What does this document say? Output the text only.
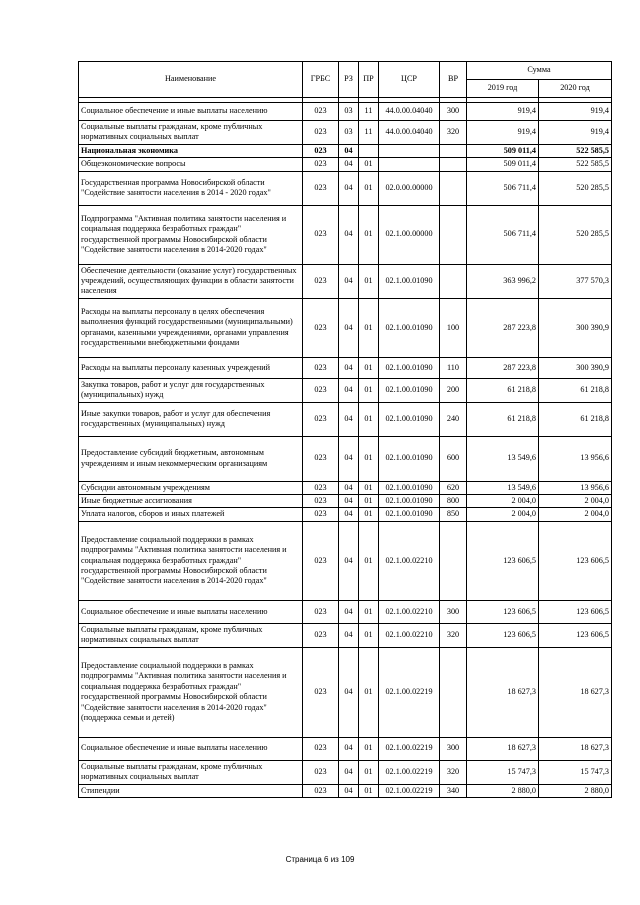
Наименование	ГРБС	РЗ	ПР	ЦСР	ВР	Сумма	
						2019 год	2020 год

Социальное обеспечение и иные выплаты населению	023	03	11	44.0.00.04040	300	919,4	919,4
Социальные выплаты гражданам, кроме публичных нормативных социальных выплат	023	03	11	44.0.00.04040	320	919,4	919,4
Национальная экономика	023	04				509 011,4	522 585,5
Общеэкономические вопросы	023	04	01			509 011,4	522 585,5
Государственная программа Новосибирской области "Содействие занятости населения в 2014 - 2020 годах"	023	04	01	02.0.00.00000		506 711,4	520 285,5
Подпрограмма "Активная политика занятости населения и социальная поддержка безработных граждан" государственной программы Новосибирской области "Содействие занятости населения в 2014-2020 годах"	023	04	01	02.1.00.00000		506 711,4	520 285,5
Обеспечение деятельности (оказание услуг) государственных учреждений, осуществляющих функции в области занятости населения	023	04	01	02.1.00.01090		363 996,2	377 570,3
Расходы на выплаты персоналу в целях обеспечения выполнения функций государственными (муниципальными) органами, казенными учреждениями, органами управления государственными внебюджетными фондами	023	04	01	02.1.00.01090	100	287 223,8	300 390,9
Расходы на выплаты персоналу казенных учреждений	023	04	01	02.1.00.01090	110	287 223,8	300 390,9
Закупка товаров, работ и услуг для государственных (муниципальных) нужд	023	04	01	02.1.00.01090	200	61 218,8	61 218,8
Иные закупки товаров, работ и услуг для обеспечения государственных (муниципальных) нужд	023	04	01	02.1.00.01090	240	61 218,8	61 218,8
Предоставление субсидий бюджетным, автономным учреждениям и иным некоммерческим организациям	023	04	01	02.1.00.01090	600	13 549,6	13 956,6
Субсидии автономным учреждениям	023	04	01	02.1.00.01090	620	13 549,6	13 956,6
Иные бюджетные ассигнования	023	04	01	02.1.00.01090	800	2 004,0	2 004,0
Уплата налогов, сборов и иных платежей	023	04	01	02.1.00.01090	850	2 004,0	2 004,0
Предоставление социальной поддержки в рамках подпрограммы "Активная политика занятости населения и социальная поддержка безработных граждан" государственной программы Новосибирской области "Содействие занятости населения в 2014-2020 годах"	023	04	01	02.1.00.02210		123 606,5	123 606,5
Социальное обеспечение и иные выплаты населению	023	04	01	02.1.00.02210	300	123 606,5	123 606,5
Социальные выплаты гражданам, кроме публичных нормативных социальных выплат	023	04	01	02.1.00.02210	320	123 606,5	123 606,5
Предоставление социальной поддержки в рамках подпрограммы "Активная политика занятости населения и социальная поддержка безработных граждан" государственной программы Новосибирской области "Содействие занятости населения в 2014-2020 годах" (поддержка семьи и детей)	023	04	01	02.1.00.02219		18 627,3	18 627,3
Социальное обеспечение и иные выплаты населению	023	04	01	02.1.00.02219	300	18 627,3	18 627,3
Социальные выплаты гражданам, кроме публичных нормативных социальных выплат	023	04	01	02.1.00.02219	320	15 747,3	15 747,3
Стипендии	023	04	01	02.1.00.02219	340	2 880,0	2 880,0
Страница 6 из 109
